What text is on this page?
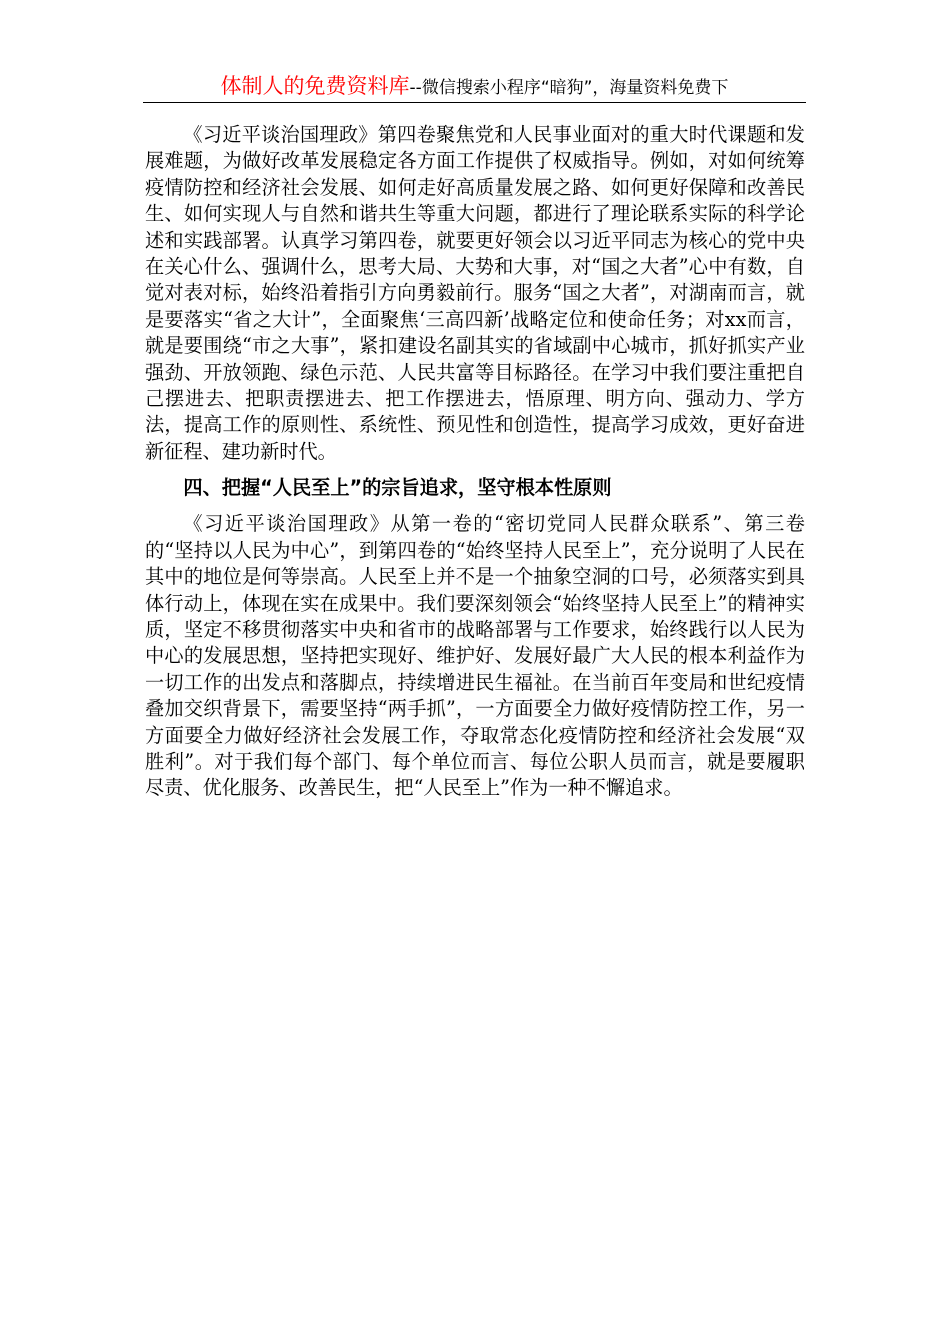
体制人的免费资料库--微信搜索小程序“暗狗”，海量资料免费下

《习近平谈治国理政》第四卷聚焦党和人民事业面对的重大时代课题和发展难题，为做好改革发展稳定各方面工作提供了权威指导。例如，对如何统筹疫情防控和经济社会发展、如何走好高质量发展之路、如何更好保障和改善民生、如何实现人与自然和谐共生等重大问题，都进行了理论联系实际的科学论述和实践部署。认真学习第四卷，就要更好领会以习近平同志为核心的党中央在关心什么、强调什么，思考大局、大势和大事，对“国之大者”心中有数，自觉对表对标，始终沿着指引方向勇毅前行。服务“国之大者”，对湖南而言，就是要落实“省之大计”，全面聚焦‘三高四新’战略定位和使命任务；对xx而言，就是要围绕“市之大事”，紧扣建设名副其实的省域副中心城市，抓好抓实产业强劲、开放领跑、绿色示范、人民共富等目标路径。在学习中我们要注重把自己摆进去、把职责摆进去、把工作摆进去，悟原理、明方向、强动力、学方法，提高工作的原则性、系统性、预见性和创造性，提高学习成效，更好奋进新征程、建功新时代。

四、把握“人民至上”的宗旨追求，坚守根本性原则

《习近平谈治国理政》从第一卷的“密切党同人民群众联系”、第三卷的“坚持以人民为中心”，到第四卷的“始终坚持人民至上”，充分说明了人民在其中的地位是何等崇高。人民至上并不是一个抽象空洞的口号，必须落实到具体行动上，体现在实在成果中。我们要深刻领会“始终坚持人民至上”的精神实质，坚定不移贯彻落实中央和省市的战略部署与工作要求，始终践行以人民为中心的发展思想，坚持把实现好、维护好、发展好最广大人民的根本利益作为一切工作的出发点和落脚点，持续增进民生福祉。在当前百年变局和世纪疫情叠加交织背景下，需要坚持“两手抓”，一方面要全力做好疫情防控工作，另一方面要全力做好经济社会发展工作，夺取常态化疫情防控和经济社会发展“双胜利”。对于我们每个部门、每个单位而言、每位公职人员而言，就是要履职尽责、优化服务、改善民生，把“人民至上”作为一种不懈追求。
